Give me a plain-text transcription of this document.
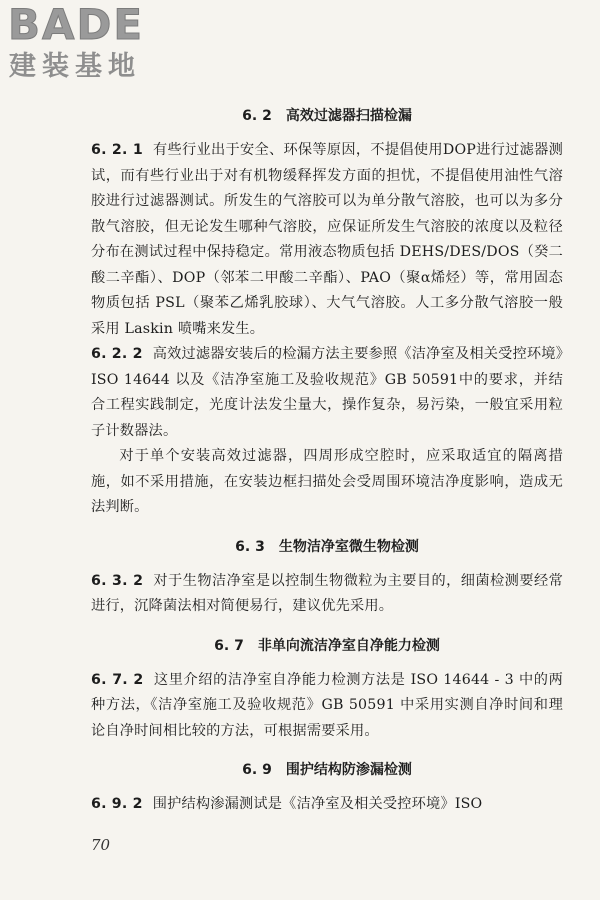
BADE
建装基地
6. 2 高效过滤器扫描检漏

6. 2. 1 有些行业出于安全、环保等原因，不提倡使用DOP进行过滤器测试，而有些行业出于对有机物缓释挥发方面的担忧，不提倡使用油性气溶胶进行过滤器测试。所发生的气溶胶可以为单分散气溶胶，也可以为多分散气溶胶，但无论发生哪种气溶胶，应保证所发生气溶胶的浓度以及粒径分布在测试过程中保持稳定。常用液态物质包括 DEHS/DES/DOS（癸二酸二辛酯）、DOP（邻苯二甲酸二辛酯）、PAO（聚α烯烃）等，常用固态物质包括 PSL（聚苯乙烯乳胶球）、大气气溶胶。人工多分散气溶胶一般采用 Laskin 喷嘴来发生。

6. 2. 2 高效过滤器安装后的检漏方法主要参照《洁净室及相关受控环境》ISO 14644 以及《洁净室施工及验收规范》GB 50591中的要求，并结合工程实践制定，光度计法发尘量大，操作复杂，易污染，一般宜采用粒子计数器法。

对于单个安装高效过滤器，四周形成空腔时，应采取适宜的隔离措施，如不采用措施，在安装边框扫描处会受周围环境洁净度影响，造成无法判断。

6. 3 生物洁净室微生物检测

6. 3. 2 对于生物洁净室是以控制生物微粒为主要目的，细菌检测要经常进行，沉降菌法相对简便易行，建议优先采用。

6. 7 非单向流洁净室自净能力检测

6. 7. 2 这里介绍的洁净室自净能力检测方法是 ISO 14644 - 3 中的两种方法，《洁净室施工及验收规范》GB 50591 中采用实测自净时间和理论自净时间相比较的方法，可根据需要采用。

6. 9 围护结构防渗漏检测

6. 9. 2 围护结构渗漏测试是《洁净室及相关受控环境》ISO

70
